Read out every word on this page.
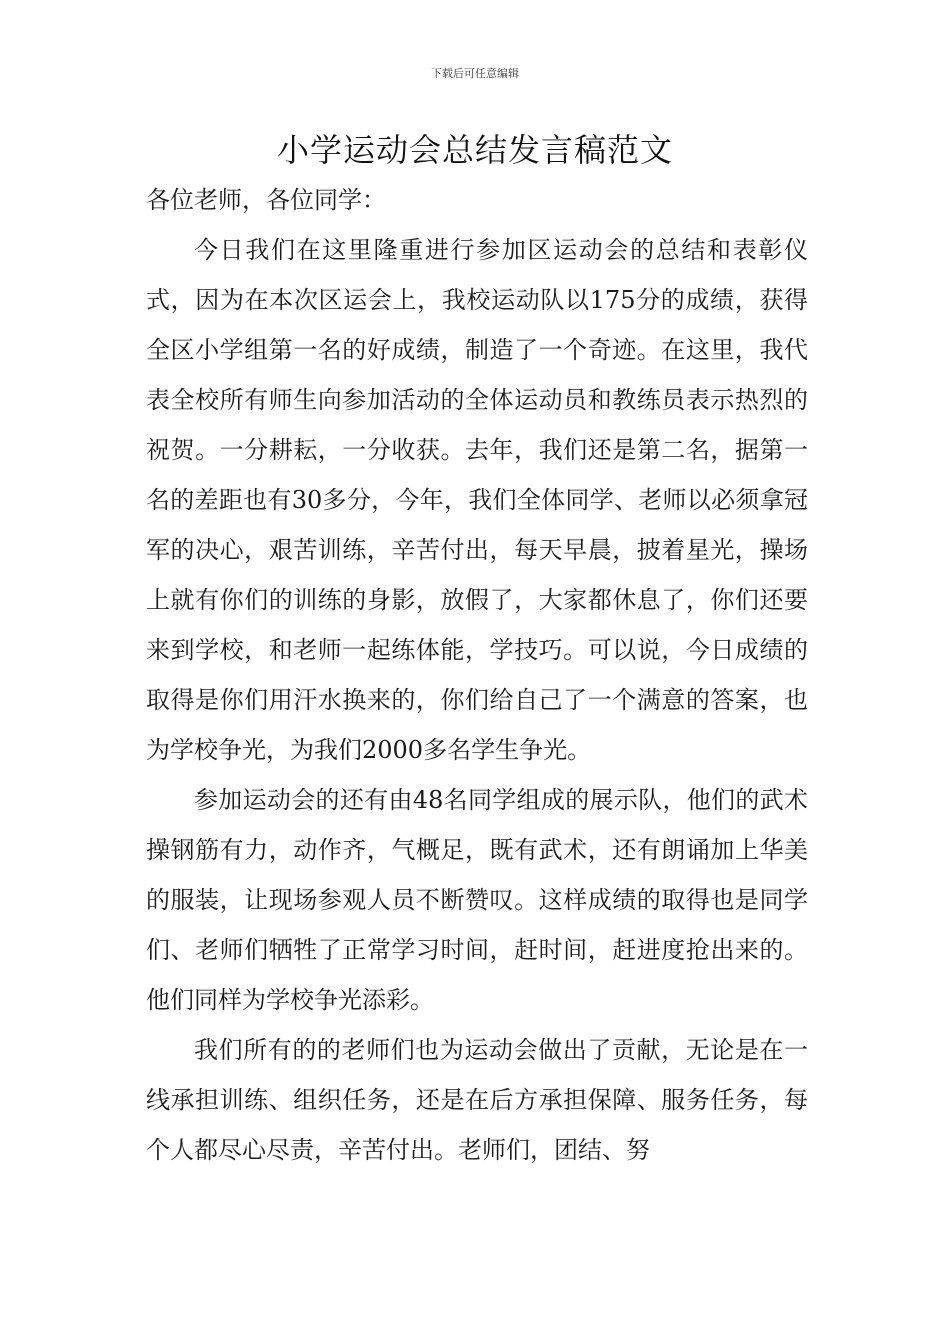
下载后可任意编辑
小学运动会总结发言稿范文

各位老师，各位同学：

今日我们在这里隆重进行参加区运动会的总结和表彰仪式，因为在本次区运会上，我校运动队以175分的成绩，获得全区小学组第一名的好成绩，制造了一个奇迹。在这里，我代表全校所有师生向参加活动的全体运动员和教练员表示热烈的祝贺。一分耕耘，一分收获。去年，我们还是第二名，据第一名的差距也有30多分，今年，我们全体同学、老师以必须拿冠军的决心，艰苦训练，辛苦付出，每天早晨，披着星光，操场上就有你们的训练的身影，放假了，大家都休息了，你们还要来到学校，和老师一起练体能，学技巧。可以说，今日成绩的取得是你们用汗水换来的，你们给自己了一个满意的答案，也为学校争光，为我们2000多名学生争光。

参加运动会的还有由48名同学组成的展示队，他们的武术操钢筋有力，动作齐，气概足，既有武术，还有朗诵加上华美的服装，让现场参观人员不断赞叹。这样成绩的取得也是同学们、老师们牺牲了正常学习时间，赶时间，赶进度抢出来的。他们同样为学校争光添彩。

我们所有的的老师们也为运动会做出了贡献，无论是在一线承担训练、组织任务，还是在后方承担保障、服务任务，每个人都尽心尽责，辛苦付出。老师们，团结、努
